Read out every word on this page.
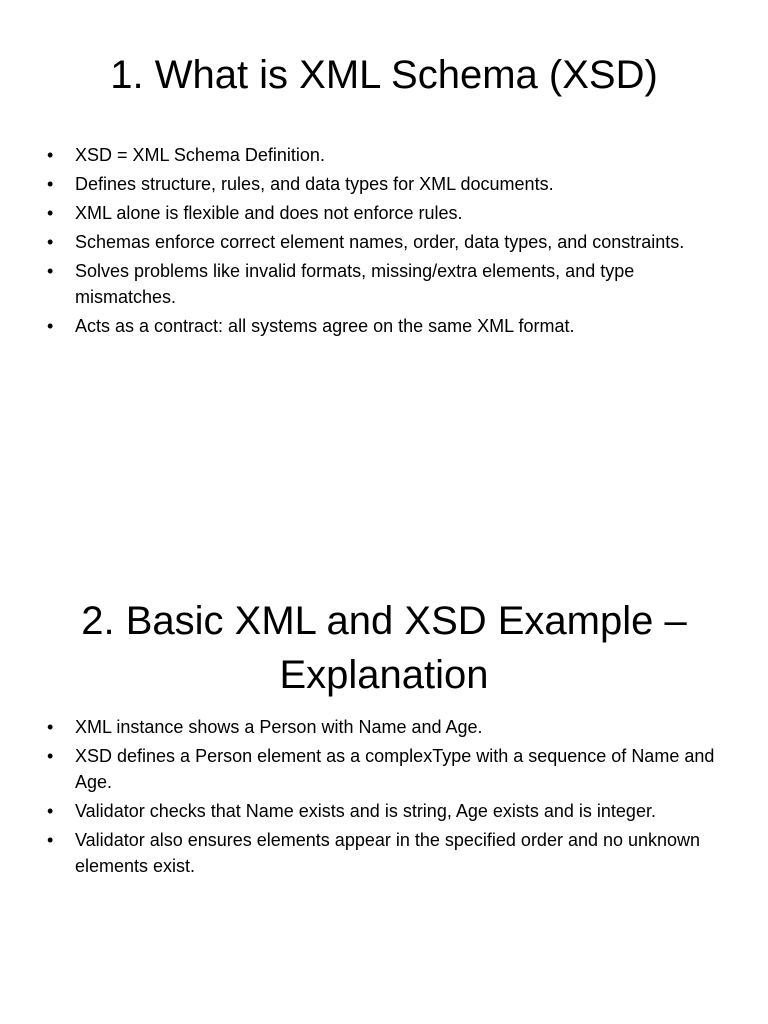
1. What is XML Schema (XSD)
• XSD = XML Schema Definition.
• Defines structure, rules, and data types for XML documents.
• XML alone is flexible and does not enforce rules.
• Schemas enforce correct element names, order, data types, and constraints.
• Solves problems like invalid formats, missing/extra elements, and type mismatches.
• Acts as a contract: all systems agree on the same XML format.
2. Basic XML and XSD Example – Explanation
• XML instance shows a Person with Name and Age.
• XSD defines a Person element as a complexType with a sequence of Name and Age.
• Validator checks that Name exists and is string, Age exists and is integer.
• Validator also ensures elements appear in the specified order and no unknown elements exist.
